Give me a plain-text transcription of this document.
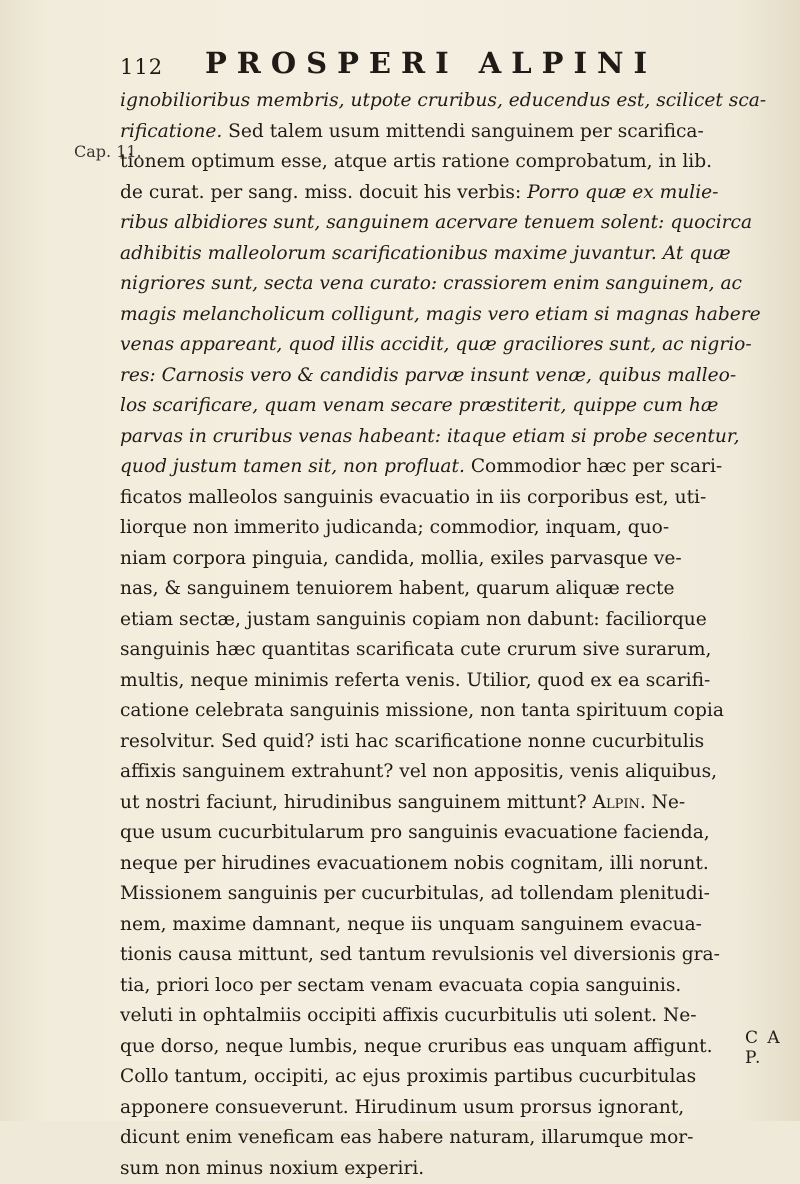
112 PROSPERI ALPINI
Cap. 11.
ignobilioribus membris, utpote cruribus, educendus est, scilicet sca-
rificatione. Sed talem usum mittendi sanguinem per scarifica-
tionem optimum esse, atque artis ratione comprobatum, in lib.
de curat. per sang. miss. docuit his verbis: Porro quæ ex mulie-
ribus albidiores sunt, sanguinem acervare tenuem solent: quocirca
adhibitis malleolorum scarificationibus maxime juvantur. At quæ
nigriores sunt, secta vena curato: crassiorem enim sanguinem, ac
magis melancholicum colligunt, magis vero etiam si magnas habere
venas appareant, quod illis accidit, quæ graciliores sunt, ac nigrio-
res: Carnosis vero & candidis parvæ insunt venæ, quibus malleo-
los scarificare, quam venam secare præstiterit, quippe cum hæ
parvas in cruribus venas habeant: itaque etiam si probe secentur,
quod justum tamen sit, non profluat. Commodior hæc per scari-
ficatos malleolos sanguinis evacuatio in iis corporibus est, uti-
liorque non immerito judicanda; commodior, inquam, quo-
niam corpora pinguia, candida, mollia, exiles parvasque ve-
nas, & sanguinem tenuiorem habent, quarum aliquæ recte
etiam sectæ, justam sanguinis copiam non dabunt: faciliorque
sanguinis hæc quantitas scarificata cute crurum sive surarum,
multis, neque minimis referta venis. Utilior, quod ex ea scarifi-
catione celebrata sanguinis missione, non tanta spirituum copia
resolvitur. Sed quid? isti hac scarificatione nonne cucurbitulis
affixis sanguinem extrahunt? vel non appositis, venis aliquibus,
ut nostri faciunt, hirudinibus sanguinem mittunt? Alpin. Ne-
que usum cucurbitularum pro sanguinis evacuatione facienda,
neque per hirudines evacuationem nobis cognitam, illi norunt.
Missionem sanguinis per cucurbitulas, ad tollendam plenitudi-
nem, maxime damnant, neque iis unquam sanguinem evacua-
tionis causa mittunt, sed tantum revulsionis vel diversionis gra-
tia, priori loco per sectam venam evacuata copia sanguinis.
veluti in ophtalmiis occipiti affixis cucurbitulis uti solent. Ne-
que dorso, neque lumbis, neque cruribus eas unquam affigunt.
Collo tantum, occipiti, ac ejus proximis partibus cucurbitulas
apponere consueverunt. Hirudinum usum prorsus ignorant,
dicunt enim veneficam eas habere naturam, illarumque mor-
sum non minus noxium experiri.
C A P.
